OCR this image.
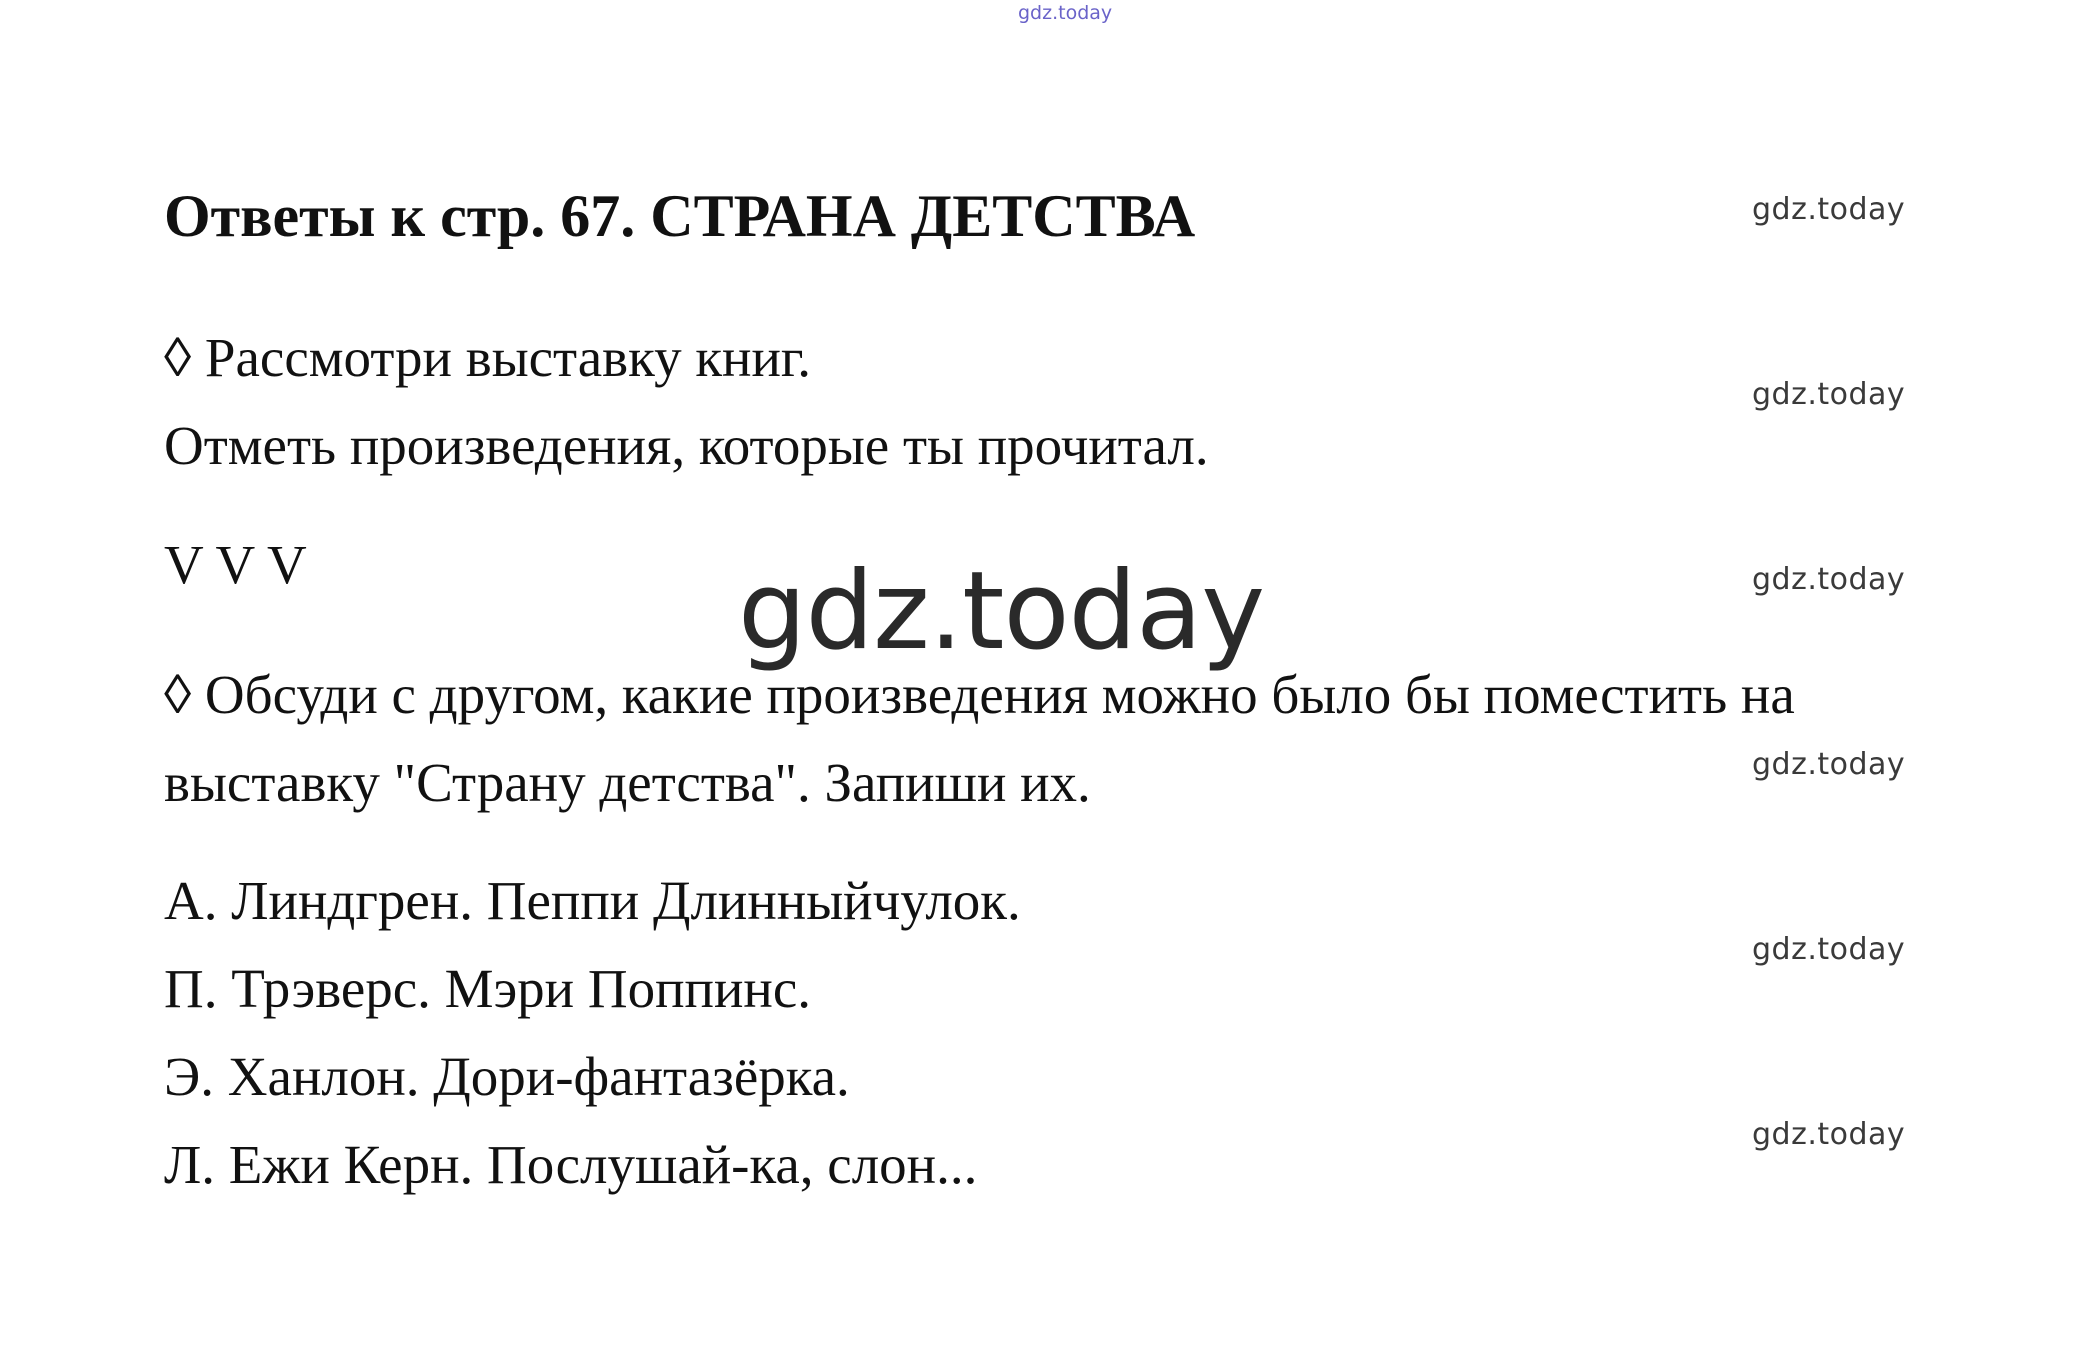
gdz.today
gdz.today
gdz.today
gdz.today
gdz.today
gdz.today
gdz.today
Ответы к стр. 67. СТРАНА ДЕТСТВА
◊ Рассмотри выставку книг.
Отметь произведения, которые ты прочитал.
V V V	gdz.today
◊ Обсуди с другом, какие произведения можно было бы поместить на
выставку "Страну детства". Запиши их.
А. Линдгрен. Пеппи Длинныйчулок.
П. Трэверс. Мэри Поппинс.
Э. Ханлон. Дори-фантазёрка.
Л. Ежи Керн. Послушай-ка, слон...
